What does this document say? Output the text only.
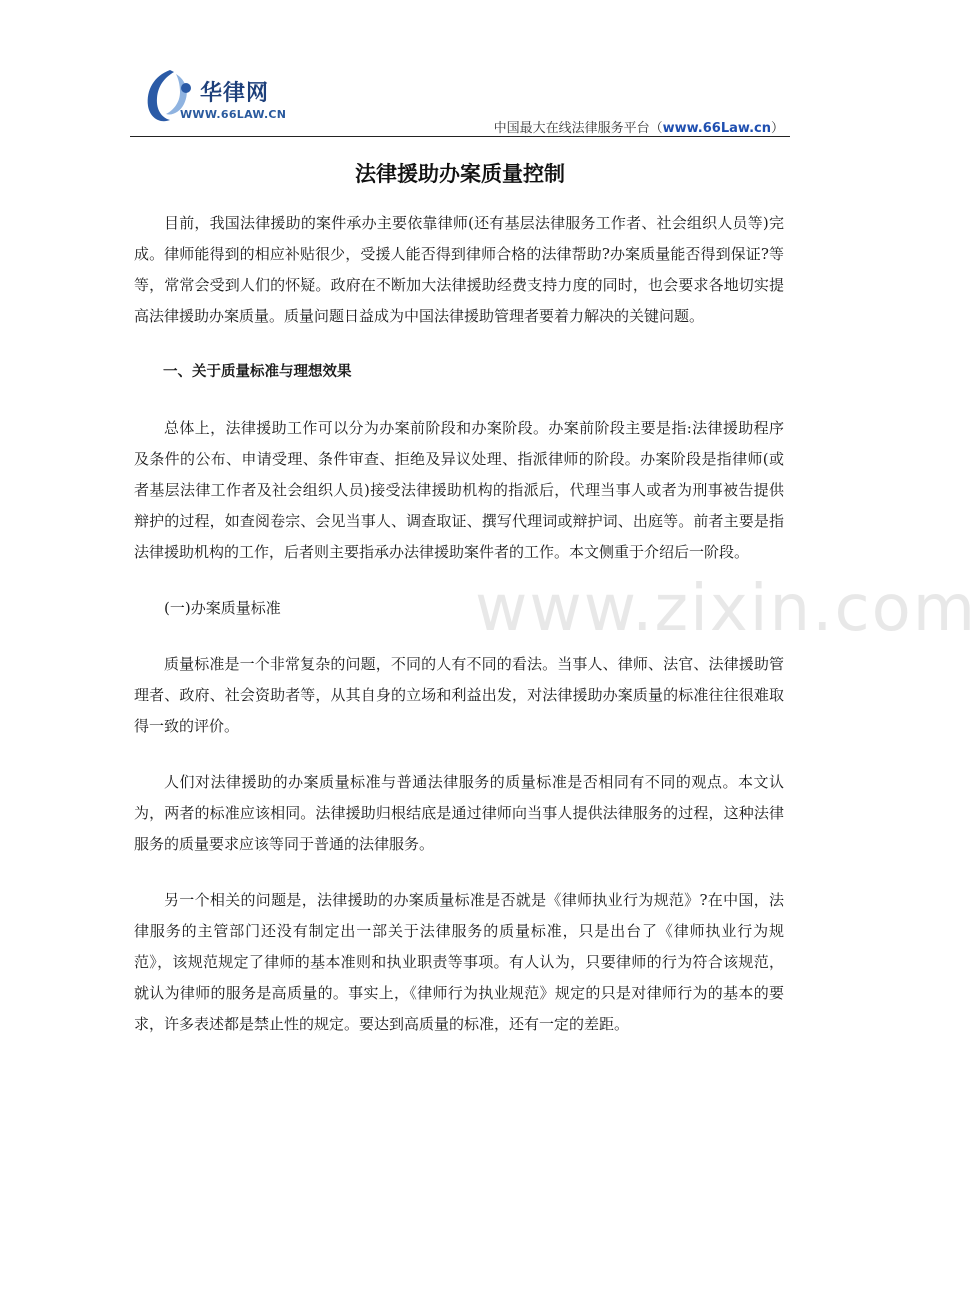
华律网
WWW.66LAW.CN
中国最大在线法律服务平台（www.66Law.cn）
法律援助办案质量控制

目前，我国法律援助的案件承办主要依靠律师(还有基层法律服务工作者、社会组织人员等)完成。律师能得到的相应补贴很少，受援人能否得到律师合格的法律帮助?办案质量能否得到保证?等等，常常会受到人们的怀疑。政府在不断加大法律援助经费支持力度的同时，也会要求各地切实提高法律援助办案质量。质量问题日益成为中国法律援助管理者要着力解决的关键问题。

一、关于质量标准与理想效果

总体上，法律援助工作可以分为办案前阶段和办案阶段。办案前阶段主要是指:法律援助程序及条件的公布、申请受理、条件审查、拒绝及异议处理、指派律师的阶段。办案阶段是指律师(或者基层法律工作者及社会组织人员)接受法律援助机构的指派后，代理当事人或者为刑事被告提供辩护的过程，如查阅卷宗、会见当事人、调查取证、撰写代理词或辩护词、出庭等。前者主要是指法律援助机构的工作，后者则主要指承办法律援助案件者的工作。本文侧重于介绍后一阶段。

(一)办案质量标准

质量标准是一个非常复杂的问题，不同的人有不同的看法。当事人、律师、法官、法律援助管理者、政府、社会资助者等，从其自身的立场和利益出发，对法律援助办案质量的标准往往很难取得一致的评价。

人们对法律援助的办案质量标准与普通法律服务的质量标准是否相同有不同的观点。本文认为，两者的标准应该相同。法律援助归根结底是通过律师向当事人提供法律服务的过程，这种法律服务的质量要求应该等同于普通的法律服务。

另一个相关的问题是，法律援助的办案质量标准是否就是《律师执业行为规范》?在中国，法律服务的主管部门还没有制定出一部关于法律服务的质量标准，只是出台了《律师执业行为规范》，该规范规定了律师的基本准则和执业职责等事项。有人认为，只要律师的行为符合该规范，就认为律师的服务是高质量的。事实上，《律师行为执业规范》规定的只是对律师行为的基本的要求，许多表述都是禁止性的规定。要达到高质量的标准，还有一定的差距。

www.zixin.com
